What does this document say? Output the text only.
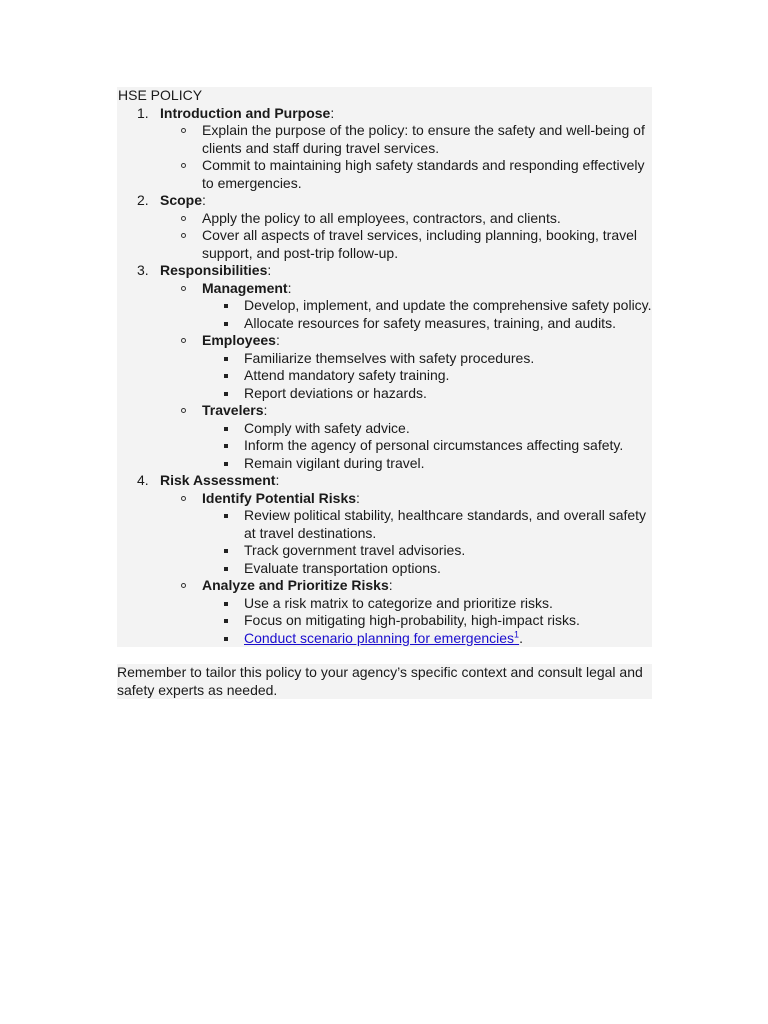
HSE POLICY
1. Introduction and Purpose:
Explain the purpose of the policy: to ensure the safety and well-being of clients and staff during travel services.
Commit to maintaining high safety standards and responding effectively to emergencies.
2. Scope:
Apply the policy to all employees, contractors, and clients.
Cover all aspects of travel services, including planning, booking, travel support, and post-trip follow-up.
3. Responsibilities:
Management:
Develop, implement, and update the comprehensive safety policy.
Allocate resources for safety measures, training, and audits.
Employees:
Familiarize themselves with safety procedures.
Attend mandatory safety training.
Report deviations or hazards.
Travelers:
Comply with safety advice.
Inform the agency of personal circumstances affecting safety.
Remain vigilant during travel.
4. Risk Assessment:
Identify Potential Risks:
Review political stability, healthcare standards, and overall safety at travel destinations.
Track government travel advisories.
Evaluate transportation options.
Analyze and Prioritize Risks:
Use a risk matrix to categorize and prioritize risks.
Focus on mitigating high-probability, high-impact risks.
Conduct scenario planning for emergencies$^1$.
Remember to tailor this policy to your agency’s specific context and consult legal and safety experts as needed.
